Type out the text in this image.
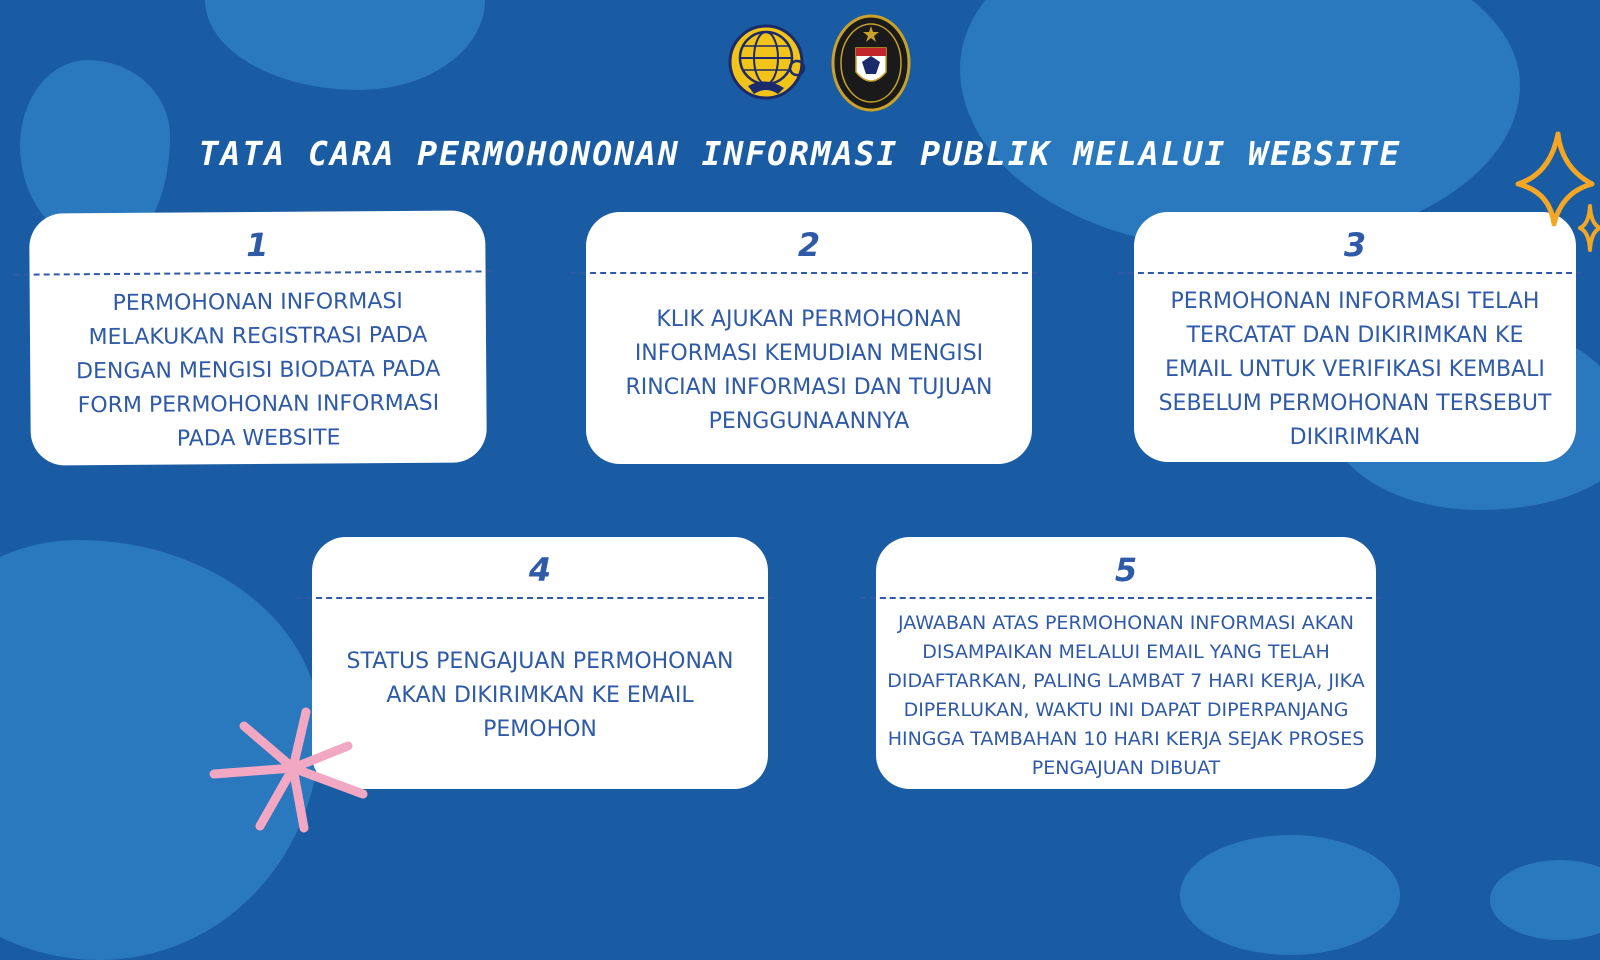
TATA CARA PERMOHONONAN INFORMASI PUBLIK MELALUI WEBSITE
1
PERMOHONAN INFORMASI MELAKUKAN REGISTRASI PADA DENGAN MENGISI BIODATA PADA FORM PERMOHONAN INFORMASI PADA WEBSITE
2
KLIK AJUKAN PERMOHONAN INFORMASI KEMUDIAN MENGISI RINCIAN INFORMASI DAN TUJUAN PENGGUNAANNYA
3
PERMOHONAN INFORMASI TELAH TERCATAT DAN DIKIRIMKAN KE EMAIL UNTUK VERIFIKASI KEMBALI SEBELUM PERMOHONAN TERSEBUT DIKIRIMKAN
4
STATUS PENGAJUAN PERMOHONAN AKAN DIKIRIMKAN KE EMAIL PEMOHON
5
JAWABAN ATAS PERMOHONAN INFORMASI AKAN DISAMPAIKAN MELALUI EMAIL YANG TELAH DIDAFTARKAN, PALING LAMBAT 7 HARI KERJA, JIKA DIPERLUKAN, WAKTU INI DAPAT DIPERPANJANG HINGGA TAMBAHAN 10 HARI KERJA SEJAK PROSES PENGAJUAN DIBUAT
